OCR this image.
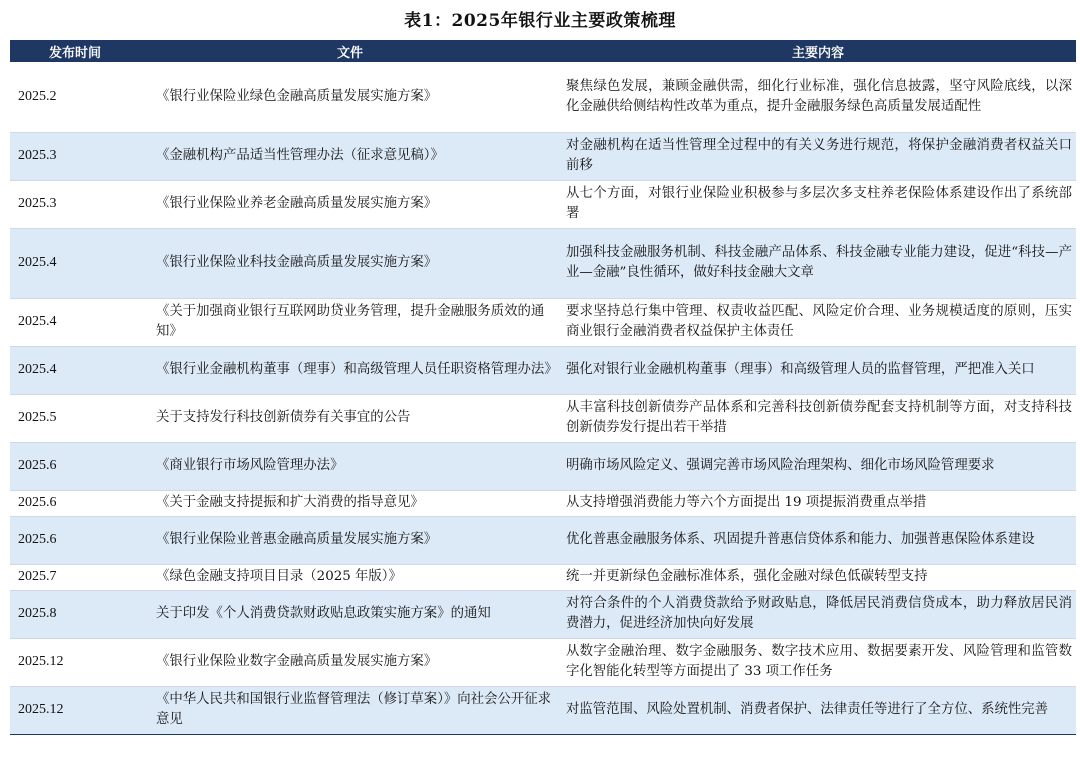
表1：2025年银行业主要政策梳理
发布时间	文件	主要内容
2025.2	《银行业保险业绿色金融高质量发展实施方案》	聚焦绿色发展，兼顾金融供需，细化行业标准，强化信息披露，坚守风险底线，以深化金融供给侧结构性改革为重点，提升金融服务绿色高质量发展适配性
2025.3	《金融机构产品适当性管理办法（征求意见稿）》	对金融机构在适当性管理全过程中的有关义务进行规范，将保护金融消费者权益关口前移
2025.3	《银行业保险业养老金融高质量发展实施方案》	从七个方面，对银行业保险业积极参与多层次多支柱养老保险体系建设作出了系统部署
2025.4	《银行业保险业科技金融高质量发展实施方案》	加强科技金融服务机制、科技金融产品体系、科技金融专业能力建设，促进“科技—产业—金融”良性循环，做好科技金融大文章
2025.4	《关于加强商业银行互联网助贷业务管理，提升金融服务质效的通知》	要求坚持总行集中管理、权责收益匹配、风险定价合理、业务规模适度的原则，压实商业银行金融消费者权益保护主体责任
2025.4	《银行业金融机构董事（理事）和高级管理人员任职资格管理办法》	强化对银行业金融机构董事（理事）和高级管理人员的监督管理，严把准入关口
2025.5	关于支持发行科技创新债券有关事宜的公告	从丰富科技创新债券产品体系和完善科技创新债券配套支持机制等方面，对支持科技创新债券发行提出若干举措
2025.6	《商业银行市场风险管理办法》	明确市场风险定义、强调完善市场风险治理架构、细化市场风险管理要求
2025.6	《关于金融支持提振和扩大消费的指导意见》	从支持增强消费能力等六个方面提出 19 项提振消费重点举措
2025.6	《银行业保险业普惠金融高质量发展实施方案》	优化普惠金融服务体系、巩固提升普惠信贷体系和能力、加强普惠保险体系建设
2025.7	《绿色金融支持项目目录（2025 年版）》	统一并更新绿色金融标准体系，强化金融对绿色低碳转型支持
2025.8	关于印发《个人消费贷款财政贴息政策实施方案》的通知	对符合条件的个人消费贷款给予财政贴息，降低居民消费信贷成本，助力释放居民消费潜力，促进经济加快向好发展
2025.12	《银行业保险业数字金融高质量发展实施方案》	从数字金融治理、数字金融服务、数字技术应用、数据要素开发、风险管理和监管数字化智能化转型等方面提出了 33 项工作任务
2025.12	《中华人民共和国银行业监督管理法（修订草案）》向社会公开征求意见	对监管范围、风险处置机制、消费者保护、法律责任等进行了全方位、系统性完善
